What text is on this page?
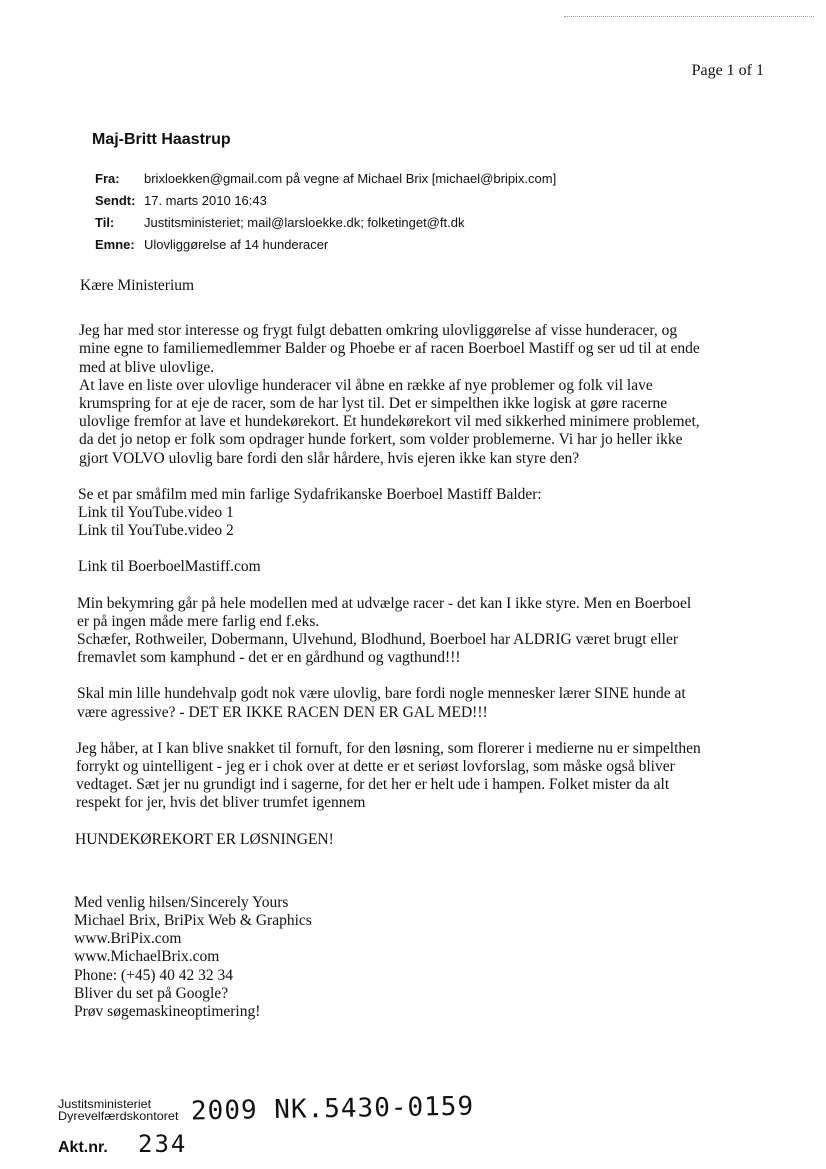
Page 1 of 1
Maj-Britt Haastrup
Fra:	brixloekken@gmail.com på vegne af Michael Brix [michael@bripix.com]
Sendt: 17. marts 2010 16:43
Til:	Justitsministeriet; mail@larsloekke.dk; folketinget@ft.dk
Emne: Ulovliggørelse af 14 hunderacer

Kære Ministerium

Jeg har med stor interesse og frygt fulgt debatten omkring ulovliggørelse af visse hunderacer, og

mine egne to familiemedlemmer Balder og Phoebe er af racen Boerboel Mastiff og ser ud til at ende

med at blive ulovlige.

At lave en liste over ulovlige hunderacer vil åbne en række af nye problemer og folk vil lave

krumspring for at eje de racer, som de har lyst til. Det er simpelthen ikke logisk at gøre racerne

ulovlige fremfor at lave et hundekørekort. Et hundekørekort vil med sikkerhed minimere problemet,

da det jo netop er folk som opdrager hunde forkert, som volder problemerne. Vi har jo heller ikke

gjort VOLVO ulovlig bare fordi den slår hårdere, hvis ejeren ikke kan styre den?

Se et par småfilm med min farlige Sydafrikanske Boerboel Mastiff Balder:

Link til YouTube.video 1

Link til YouTube.video 2

Link til BoerboelMastiff.com

Min bekymring går på hele modellen med at udvælge racer - det kan I ikke styre. Men en Boerboel

er på ingen måde mere farlig end f.eks.

Schæfer, Rothweiler, Dobermann, Ulvehund, Blodhund, Boerboel har ALDRIG været brugt eller

fremavlet som kamphund - det er en gårdhund og vagthund!!!

Skal min lille hundehvalp godt nok være ulovlig, bare fordi nogle mennesker lærer SINE hunde at

være agressive? - DET ER IKKE RACEN DEN ER GAL MED!!!

Jeg håber, at I kan blive snakket til fornuft, for den løsning, som florerer i medierne nu er simpelthen

forrykt og uintelligent - jeg er i chok over at dette er et seriøst lovforslag, som måske også bliver

vedtaget. Sæt jer nu grundigt ind i sagerne, for det her er helt ude i hampen. Folket mister da alt

respekt for jer, hvis det bliver trumfet igennem

HUNDEKØREKORT ER LØSNINGEN!

Med venlig hilsen/Sincerely Yours

Michael Brix, BriPix Web & Graphics

www.BriPix.com

www.MichaelBrix.com

Phone: (+45) 40 42 32 34

Bliver du set på Google?

Prøv søgemaskineoptimering!

Justitsministeriet
Dyrevelfærdskontoret 2009 NK.5430-0159
Akt.nr.	234
